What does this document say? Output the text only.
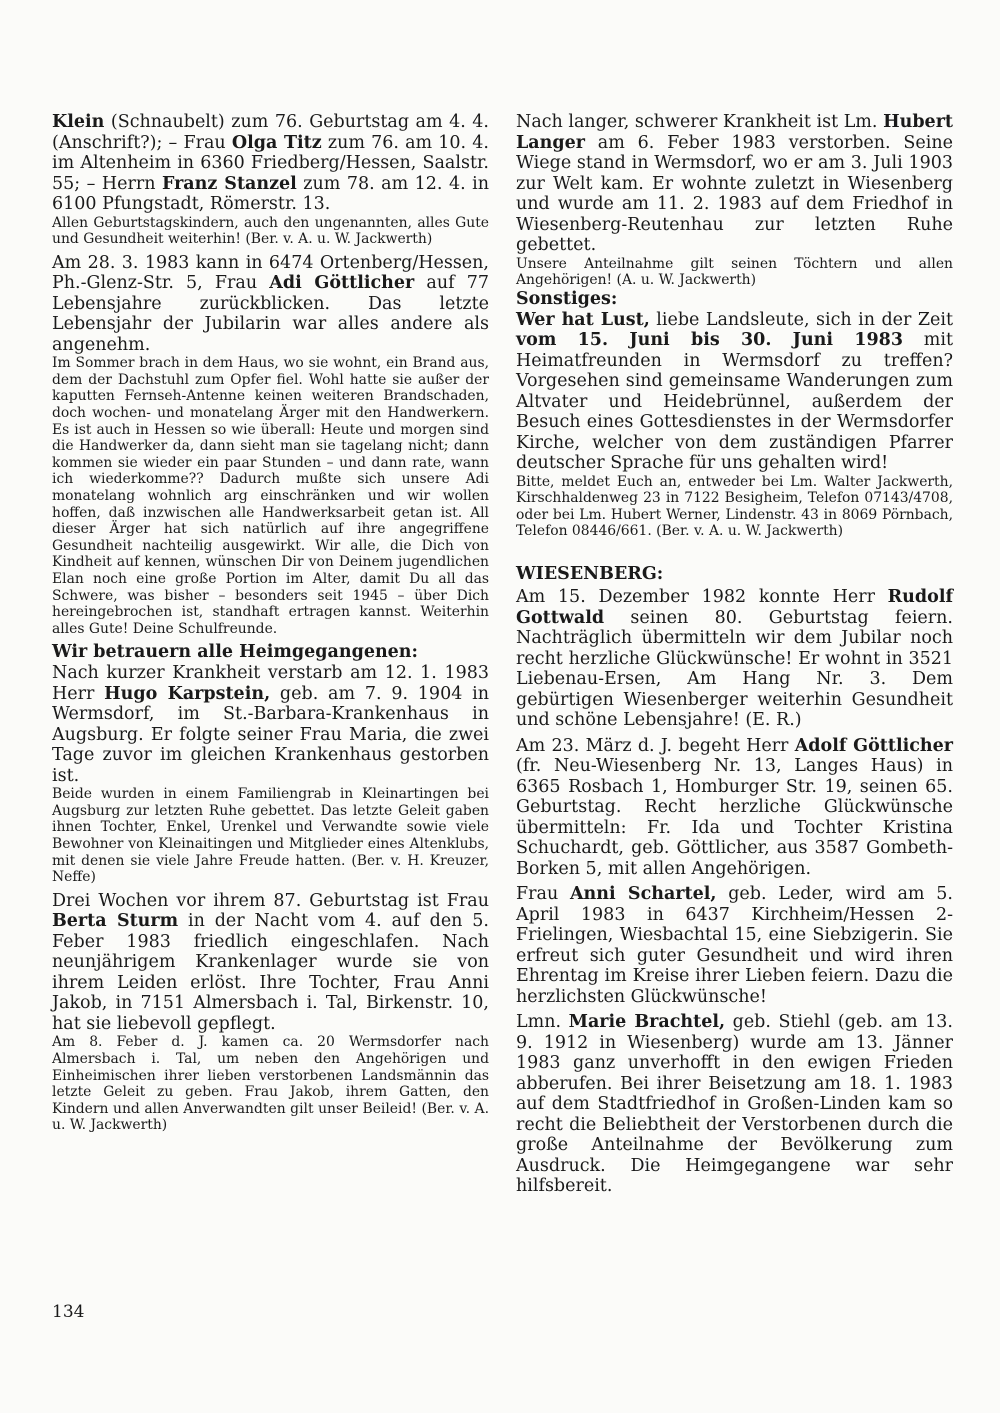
Klein (Schnaubelt) zum 76. Geburtstag am 4. 4. (Anschrift?); – Frau Olga Titz zum 76. am 10. 4. im Altenheim in 6360 Friedberg/Hessen, Saalstr. 55; – Herrn Franz Stanzel zum 78. am 12. 4. in 6100 Pfungstadt, Römerstr. 13.

Allen Geburtstagskindern, auch den ungenannten, alles Gute und Gesundheit weiterhin! (Ber. v. A. u. W. Jackwerth)

Am 28. 3. 1983 kann in 6474 Ortenberg/Hessen, Ph.-Glenz-Str. 5, Frau Adi Göttlicher auf 77 Lebensjahre zurückblicken. Das letzte Lebensjahr der Jubilarin war alles andere als angenehm.

Im Sommer brach in dem Haus, wo sie wohnt, ein Brand aus, dem der Dachstuhl zum Opfer fiel. Wohl hatte sie außer der kaputten Fernseh-Antenne keinen weiteren Brandschaden, doch wochen- und monatelang Ärger mit den Handwerkern. Es ist auch in Hessen so wie überall: Heute und morgen sind die Handwerker da, dann sieht man sie tagelang nicht; dann kommen sie wieder ein paar Stunden – und dann rate, wann ich wiederkomme?? Dadurch mußte sich unsere Adi monatelang wohnlich arg einschränken und wir wollen hoffen, daß inzwischen alle Handwerksarbeit getan ist. All dieser Ärger hat sich natürlich auf ihre angegriffene Gesundheit nachteilig ausgewirkt. Wir alle, die Dich von Kindheit auf kennen, wünschen Dir von Deinem jugendlichen Elan noch eine große Portion im Alter, damit Du all das Schwere, was bisher – besonders seit 1945 – über Dich hereingebrochen ist, standhaft ertragen kannst. Weiterhin alles Gute! Deine Schulfreunde.

Wir betrauern alle Heimgegangenen:

Nach kurzer Krankheit verstarb am 12. 1. 1983 Herr Hugo Karpstein, geb. am 7. 9. 1904 in Wermsdorf, im St.-Barbara-Krankenhaus in Augsburg. Er folgte seiner Frau Maria, die zwei Tage zuvor im gleichen Krankenhaus gestorben ist.

Beide wurden in einem Familiengrab in Kleinartingen bei Augsburg zur letzten Ruhe gebettet. Das letzte Geleit gaben ihnen Tochter, Enkel, Urenkel und Verwandte sowie viele Bewohner von Kleinaitingen und Mitglieder eines Altenklubs, mit denen sie viele Jahre Freude hatten. (Ber. v. H. Kreuzer, Neffe)

Drei Wochen vor ihrem 87. Geburtstag ist Frau Berta Sturm in der Nacht vom 4. auf den 5. Feber 1983 friedlich eingeschlafen. Nach neunjährigem Krankenlager wurde sie von ihrem Leiden erlöst. Ihre Tochter, Frau Anni Jakob, in 7151 Almersbach i. Tal, Birkenstr. 10, hat sie liebevoll gepflegt.

Am 8. Feber d. J. kamen ca. 20 Wermsdorfer nach Almersbach i. Tal, um neben den Angehörigen und Einheimischen ihrer lieben verstorbenen Landsmännin das letzte Geleit zu geben. Frau Jakob, ihrem Gatten, den Kindern und allen Anverwandten gilt unser Beileid! (Ber. v. A. u. W. Jackwerth)

Nach langer, schwerer Krankheit ist Lm. Hubert Langer am 6. Feber 1983 verstorben. Seine Wiege stand in Wermsdorf, wo er am 3. Juli 1903 zur Welt kam. Er wohnte zuletzt in Wiesenberg und wurde am 11. 2. 1983 auf dem Friedhof in Wiesenberg-Reutenhau zur letzten Ruhe gebettet.

Unsere Anteilnahme gilt seinen Töchtern und allen Angehörigen! (A. u. W. Jackwerth)

Sonstiges:

Wer hat Lust, liebe Landsleute, sich in der Zeit vom 15. Juni bis 30. Juni 1983 mit Heimatfreunden in Wermsdorf zu treffen? Vorgesehen sind gemeinsame Wanderungen zum Altvater und Heidebrünnel, außerdem der Besuch eines Gottesdienstes in der Wermsdorfer Kirche, welcher von dem zuständigen Pfarrer deutscher Sprache für uns gehalten wird!

Bitte, meldet Euch an, entweder bei Lm. Walter Jackwerth, Kirschhaldenweg 23 in 7122 Besigheim, Telefon 07143/4708, oder bei Lm. Hubert Werner, Lindenstr. 43 in 8069 Pörnbach, Telefon 08446/661. (Ber. v. A. u. W. Jackwerth)

WIESENBERG:

Am 15. Dezember 1982 konnte Herr Rudolf Gottwald seinen 80. Geburtstag feiern. Nachträglich übermitteln wir dem Jubilar noch recht herzliche Glückwünsche! Er wohnt in 3521 Liebenau-Ersen, Am Hang Nr. 3. Dem gebürtigen Wiesenberger weiterhin Gesundheit und schöne Lebensjahre! (E. R.)

Am 23. März d. J. begeht Herr Adolf Göttlicher (fr. Neu-Wiesenberg Nr. 13, Langes Haus) in 6365 Rosbach 1, Homburger Str. 19, seinen 65. Geburtstag. Recht herzliche Glückwünsche übermitteln: Fr. Ida und Tochter Kristina Schuchardt, geb. Göttlicher, aus 3587 Gombeth-Borken 5, mit allen Angehörigen.

Frau Anni Schartel, geb. Leder, wird am 5. April 1983 in 6437 Kirchheim/Hessen 2-Frielingen, Wiesbachtal 15, eine Siebzigerin. Sie erfreut sich guter Gesundheit und wird ihren Ehrentag im Kreise ihrer Lieben feiern. Dazu die herzlichsten Glückwünsche!

Lmn. Marie Brachtel, geb. Stiehl (geb. am 13. 9. 1912 in Wiesenberg) wurde am 13. Jänner 1983 ganz unverhofft in den ewigen Frieden abberufen. Bei ihrer Beisetzung am 18. 1. 1983 auf dem Stadtfriedhof in Großen-Linden kam so recht die Beliebtheit der Verstorbenen durch die große Anteilnahme der Bevölkerung zum Ausdruck. Die Heimgegangene war sehr hilfsbereit.

134
